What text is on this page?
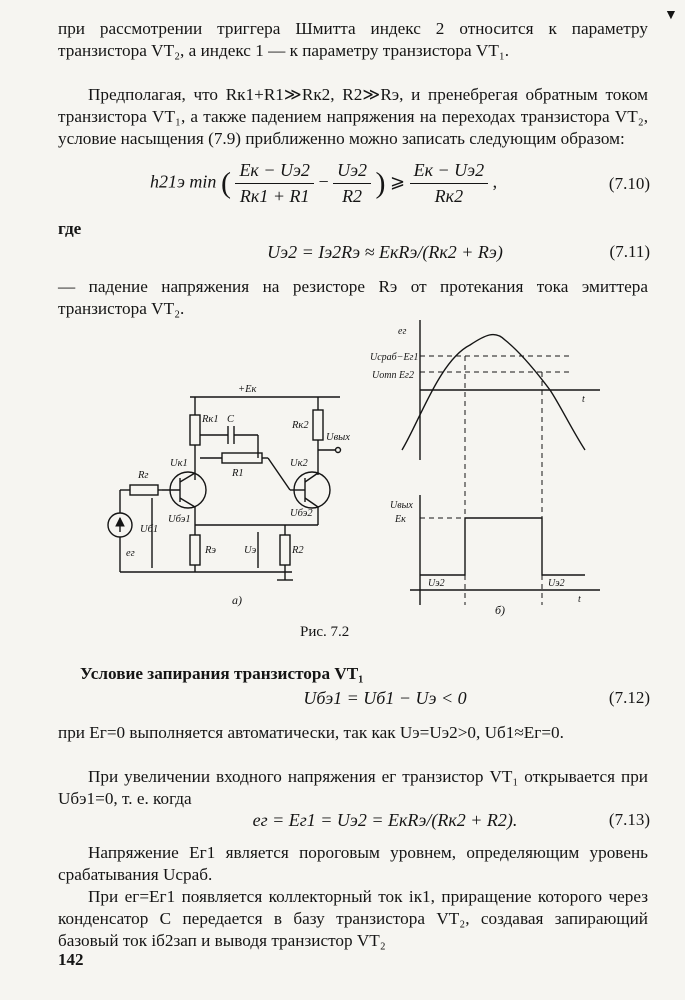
▼
при рассмотрении триггера Шмитта индекс 2 относится к параметру транзистора VT₂, а индекс 1 — к параметру транзистора VT₁.
Предполагая, что Rк1+R1≫Rк2, R2≫Rэ, и пренебрегая обратным током транзистора VT₁, а также падением напряжения на переходах транзистора VT₂, условие насыщения (7.9) приближенно можно записать следующим образом:
h21э min ( $\frac{Eк - Uэ2}{Rк1 + R1} - \frac{Uэ2}{R2}$ ) ⩾ $\frac{Eк - Uэ2}{Rк2}$ ,	(7.10)
где
Uэ2 = Iэ2Rэ ≈ EкRэ/(Rк2 + Rэ)	(7.11)
— падение напряжения на резисторе Rэ от протекания тока эмиттера транзистора VT₂.
+Eк
Rк1
Rк2
C
R1
Rг
Uк1	Uк2
Uвых
Uб1
Uбэ1
Uбэ2
eг	Rэ	Uэ	R2
а)
eг
Uсраб−Eг1
Uотп Eг2
t
Uвых
Eк
Uэ2	Uэ2
t
б)
Рис. 7.2
Условие запирания транзистора VT₁
Uбэ1 = Uб1 − Uэ < 0	(7.12)
при Eг=0 выполняется автоматически, так как Uэ=Uэ2>0, Uб1≈Eг=0.
При увеличении входного напряжения eг транзистор VT₁ открывается при Uбэ1=0, т. е. когда
eг = Eг1 = Uэ2 = EкRэ/(Rк2 + R2).	(7.13)
Напряжение Eг1 является пороговым уровнем, определяющим уровень срабатывания Uсраб.
При eг=Eг1 появляется коллекторный ток iк1, приращение которого через конденсатор C передается в базу транзистора VT₂, создавая запирающий базовый ток iб2зап и выводя транзистор VT₂
142
